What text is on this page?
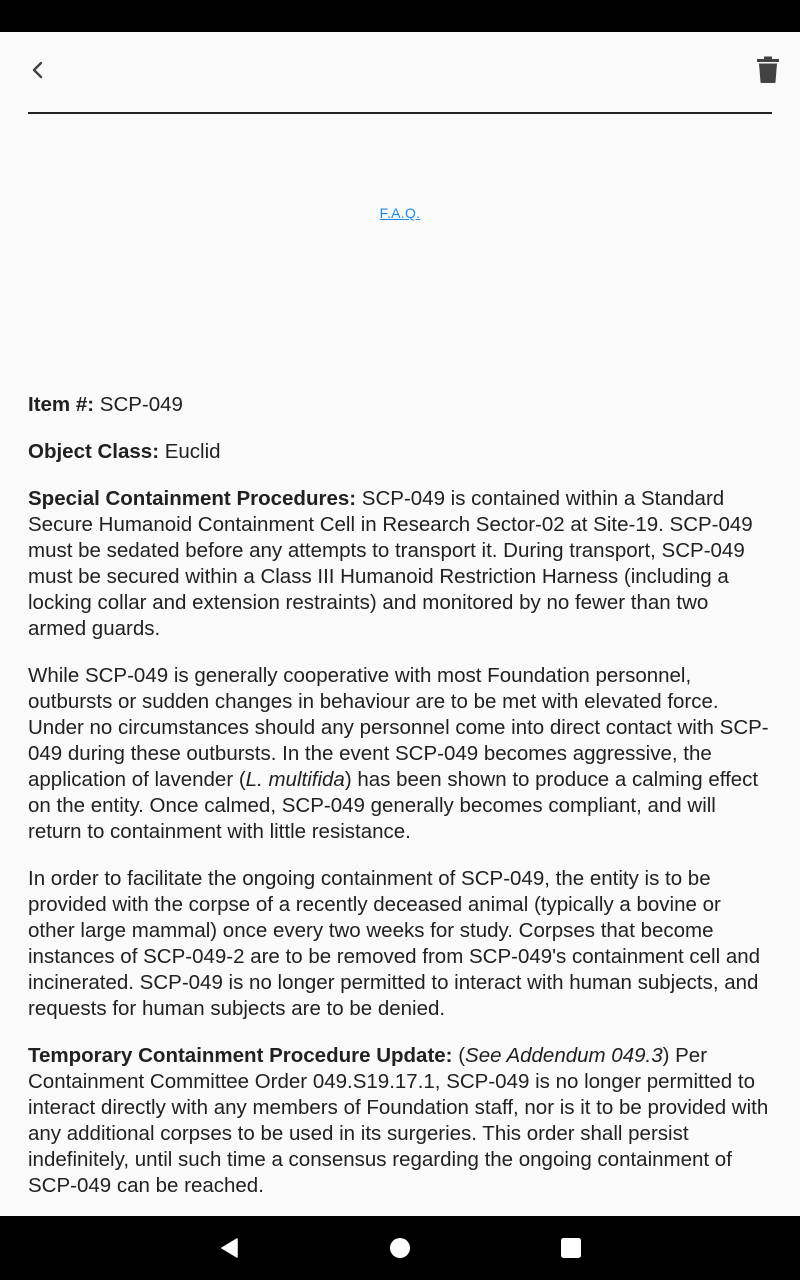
F.A.Q.

Item #: SCP-049

Object Class: Euclid

Special Containment Procedures: SCP-049 is contained within a Standard Secure Humanoid Containment Cell in Research Sector-02 at Site-19. SCP-049 must be sedated before any attempts to transport it. During transport, SCP-049 must be secured within a Class III Humanoid Restriction Harness (including a locking collar and extension restraints) and monitored by no fewer than two armed guards.

While SCP-049 is generally cooperative with most Foundation personnel, outbursts or sudden changes in behaviour are to be met with elevated force. Under no circumstances should any personnel come into direct contact with SCP-049 during these outbursts. In the event SCP-049 becomes aggressive, the application of lavender (L. multifida) has been shown to produce a calming effect on the entity. Once calmed, SCP-049 generally becomes compliant, and will return to containment with little resistance.

In order to facilitate the ongoing containment of SCP-049, the entity is to be provided with the corpse of a recently deceased animal (typically a bovine or other large mammal) once every two weeks for study. Corpses that become instances of SCP-049-2 are to be removed from SCP-049's containment cell and incinerated. SCP-049 is no longer permitted to interact with human subjects, and requests for human subjects are to be denied.

Temporary Containment Procedure Update: (See Addendum 049.3) Per Containment Committee Order 049.S19.17.1, SCP-049 is no longer permitted to interact directly with any members of Foundation staff, nor is it to be provided with any additional corpses to be used in its surgeries. This order shall persist indefinitely, until such time a consensus regarding the ongoing containment of SCP-049 can be reached.
